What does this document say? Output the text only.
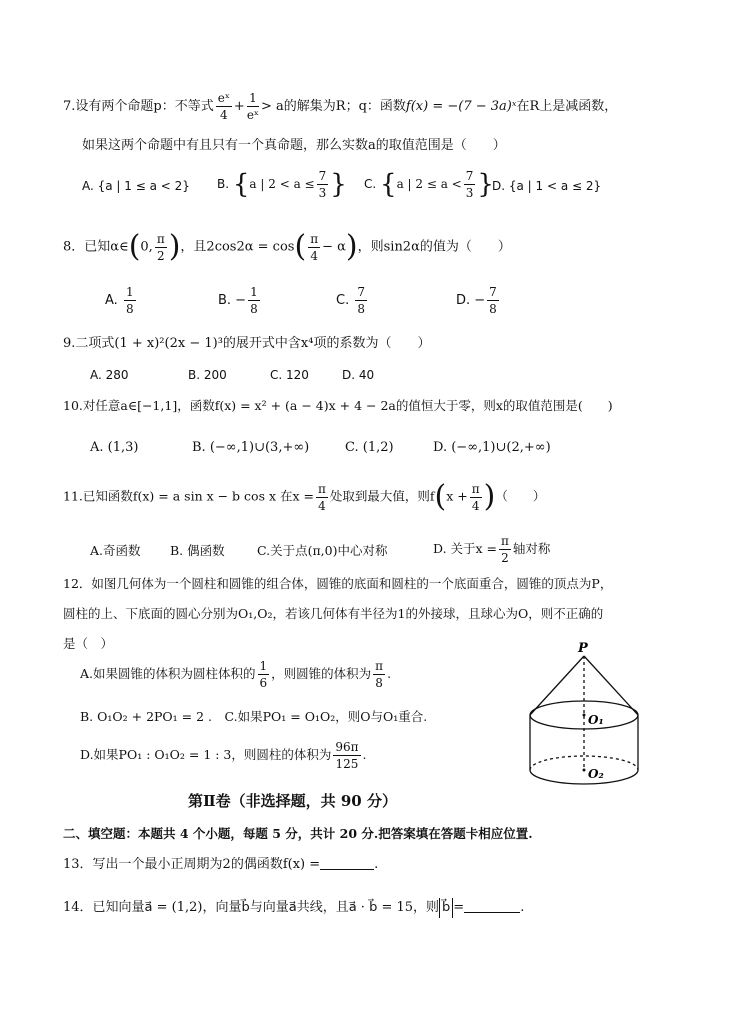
7.设有两个命题p：不等式 $\frac{\text{eˣ}}{4} + \frac{1}{\text{eˣ}} > a$的解集为R；q：函数f(x) = −(7 − 3a)ˣ在R上是减函数，
如果这两个命题中有且只有一个真命题，那么实数a的取值范围是（　　）
A. {a | 1 ≤ a < 2} B. {a | $2 < a \le \frac{7}{3}$ } C. {a | $2 \le a < \frac{7}{3}$ }
D. {a | 1 < a ≤ 2}
8．已知α∈(0, $\frac{\pi}{2}$ )，且$2\cos 2\alpha = \cos( \frac{\pi}{4} - \alpha)$，则sin2α的值为（　　）
A. $\frac{1}{8}$	B. − $\frac{1}{8}$	C. $\frac{7}{8}$	D. − $\frac{7}{8}$
9.二项式(1 + x)²(2x − 1)³的展开式中含x⁴项的系数为（　　）
A. 280	B. 200	C. 120	D. 40
10.对任意a∈[−1,1]，函数f(x) = x² + (a − 4)x + 4 − 2a的值恒大于零，则x的取值范围是(　　)
A. (1,3)	B. (−∞,1)∪(3,+∞)	C. (1,2)	D. (−∞,1)∪(2,+∞)
11.已知函数f(x) = a sin x − b cos x 在$x = \frac{\pi}{4}$ 处取到最大值，则$f(x + \frac{\pi}{4}$ )（　　）
A.奇函数 B. 偶函数	C.关于点(π,0)中心对称	D. 关于$x = \frac{\pi}{2}$ 轴对称
12．如图几何体为一个圆柱和圆锥的组合体，圆锥的底面和圆柱的一个底面重合，圆锥的顶点为P，
圆柱的上、下底面的圆心分别为O₁,O₂，若该几何体有半径为1的外接球，且球心为O，则不正确的
是（　）
A.如果圆锥的体积为圆柱体积的 $\frac{1}{6}$ ，则圆锥的体积为 $\frac{\pi}{8}$ .
B. O₁O₂ + 2PO₁ = 2 .　C.如果PO₁ = O₁O₂，则O与O₁重合.
D.如果PO₁ : O₁O₂ = 1 : 3，则圆柱的体积为 $\frac{96\pi}{125}$ .
P
O₁
O₂
第Ⅱ卷（非选择题，共 90 分）
二、填空题：本题共 4 个小题，每题 5 分，共计 20 分.把答案填在答题卡相应位置.
13．写出一个最小正周期为2的偶函数f(x) =	.
14．已知向量a⃗ = (1,2)，向量b⃗与向量a⃗共线，且a⃗ · b⃗ = 15，则 b⃗ =	.
